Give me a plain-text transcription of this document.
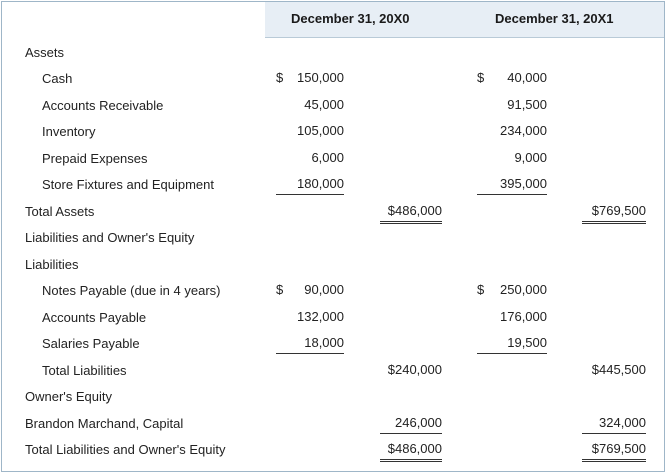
December 31, 20X0	December 31, 20X1
Assets
Cash	$ 150,000	$ 40,000
Accounts Receivable	45,000	91,500
Inventory	105,000	234,000
Prepaid Expenses	6,000	9,000
Store Fixtures and Equipment	180,000	395,000
Total Assets	$486,000	$769,500
Liabilities and Owner's Equity
Liabilities
Notes Payable (due in 4 years)	$ 90,000	$ 250,000
Accounts Payable	132,000	176,000
Salaries Payable	18,000	19,500
Total Liabilities	$240,000	$445,500
Owner's Equity
Brandon Marchand, Capital	246,000	324,000
Total Liabilities and Owner's Equity	$486,000	$769,500
